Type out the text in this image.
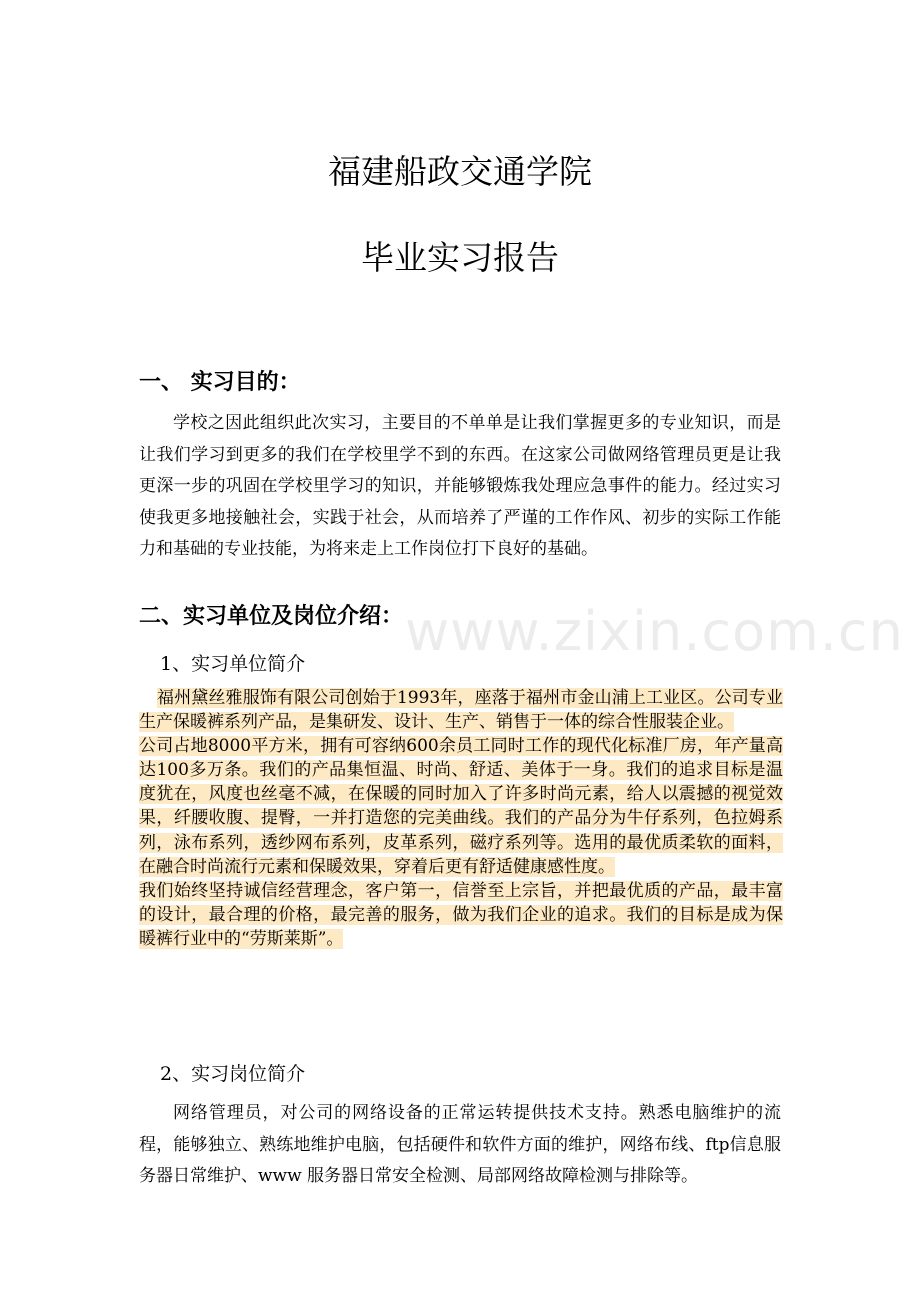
福建船政交通学院
毕业实习报告
一、 实习目的：

学校之因此组织此次实习，主要目的不单单是让我们掌握更多的专业知识，而是让我们学习到更多的我们在学校里学不到的东西。在这家公司做网络管理员更是让我更深一步的巩固在学校里学习的知识，并能够锻炼我处理应急事件的能力。经过实习使我更多地接触社会，实践于社会，从而培养了严谨的工作作风、初步的实际工作能力和基础的专业技能，为将来走上工作岗位打下良好的基础。

二、实习单位及岗位介绍： www.zixin.com.cn
1、实习单位简介

福州黛丝雅服饰有限公司创始于1993年，座落于福州市金山浦上工业区。公司专业生产保暖裤系列产品，是集研发、设计、生产、销售于一体的综合性服装企业。

公司占地8000平方米，拥有可容纳600余员工同时工作的现代化标准厂房，年产量高达100多万条。我们的产品集恒温、时尚、舒适、美体于一身。我们的追求目标是温度犹在，风度也丝毫不减，在保暖的同时加入了许多时尚元素，给人以震撼的视觉效果，纤腰收腹、提臀，一并打造您的完美曲线。我们的产品分为牛仔系列，色拉姆系列，泳布系列，透纱网布系列，皮革系列，磁疗系列等。选用的最优质柔软的面料，在融合时尚流行元素和保暖效果，穿着后更有舒适健康感性度。

我们始终坚持诚信经营理念，客户第一，信誉至上宗旨，并把最优质的产品，最丰富的设计，最合理的价格，最完善的服务，做为我们企业的追求。我们的目标是成为保暖裤行业中的“劳斯莱斯”。

2、实习岗位简介

网络管理员，对公司的网络设备的正常运转提供技术支持。熟悉电脑维护的流程，能够独立、熟练地维护电脑，包括硬件和软件方面的维护，网络布线、ftp信息服务器日常维护、www 服务器日常安全检测、局部网络故障检测与排除等。
